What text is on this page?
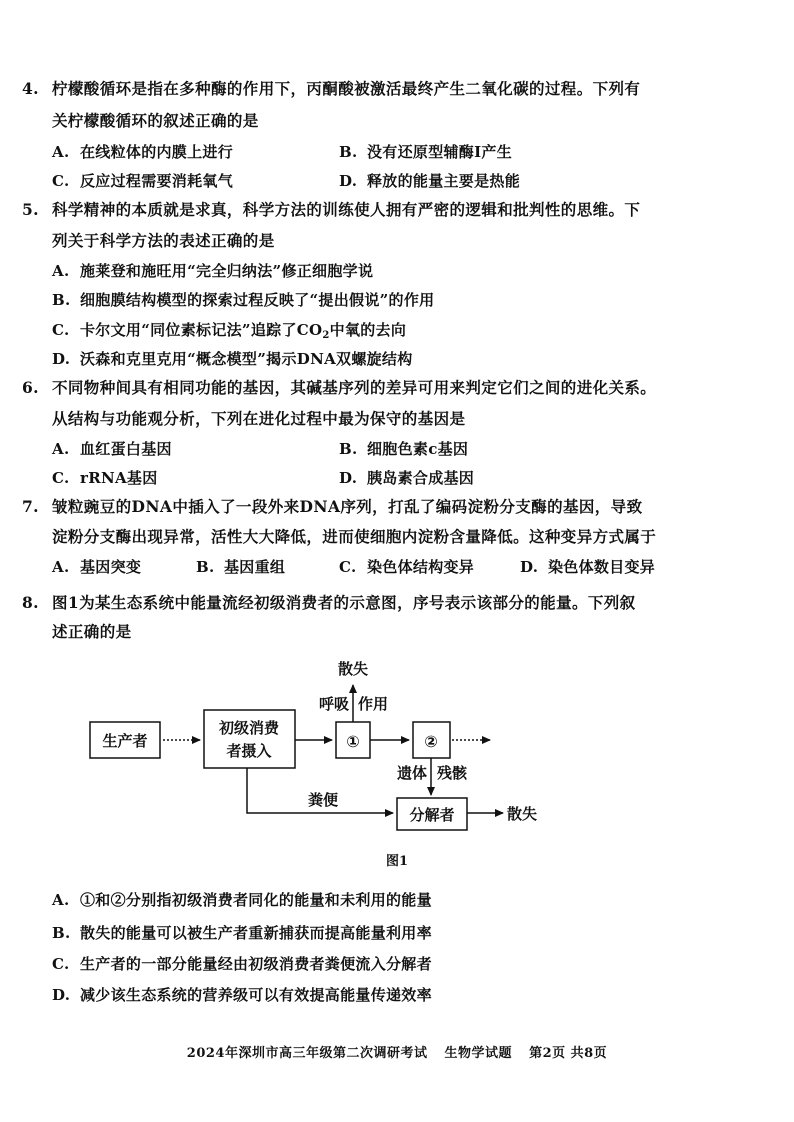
4. 柠檬酸循环是指在多种酶的作用下，丙酮酸被激活最终产生二氧化碳的过程。下列有
关柠檬酸循环的叙述正确的是
A. 在线粒体的内膜上进行	B. 没有还原型辅酶Ⅰ产生
C. 反应过程需要消耗氧气	D. 释放的能量主要是热能
5. 科学精神的本质就是求真，科学方法的训练使人拥有严密的逻辑和批判性的思维。下
列关于科学方法的表述正确的是
A. 施莱登和施旺用“完全归纳法”修正细胞学说
B. 细胞膜结构模型的探索过程反映了“提出假说”的作用
C. 卡尔文用“同位素标记法”追踪了$CO_2$中氧的去向
D. 沃森和克里克用“概念模型”揭示DNA双螺旋结构
6. 不同物种间具有相同功能的基因，其碱基序列的差异可用来判定它们之间的进化关系。
从结构与功能观分析，下列在进化过程中最为保守的基因是
A. 血红蛋白基因	B. 细胞色素c基因
C. rRNA基因	D. 胰岛素合成基因
7. 皱粒豌豆的DNA中插入了一段外来DNA序列，打乱了编码淀粉分支酶的基因，导致
淀粉分支酶出现异常，活性大大降低，进而使细胞内淀粉含量降低。这种变异方式属于
A. 基因突变	B. 基因重组	C. 染色体结构变异	D. 染色体数目变异
8. 图1为某生态系统中能量流经初级消费者的示意图，序号表示该部分的能量。下列叙
述正确的是
生产者
初级消费
者摄入	①
散失
呼吸 作用
②
遗体 残骸
粪便
分解者	散失
图1
A. ①和②分别指初级消费者同化的能量和未利用的能量
B. 散失的能量可以被生产者重新捕获而提高能量利用率
C. 生产者的一部分能量经由初级消费者粪便流入分解者
D. 减少该生态系统的营养级可以有效提高能量传递效率
2024年深圳市高三年级第二次调研考试 生物学试题 第2页 共8页
